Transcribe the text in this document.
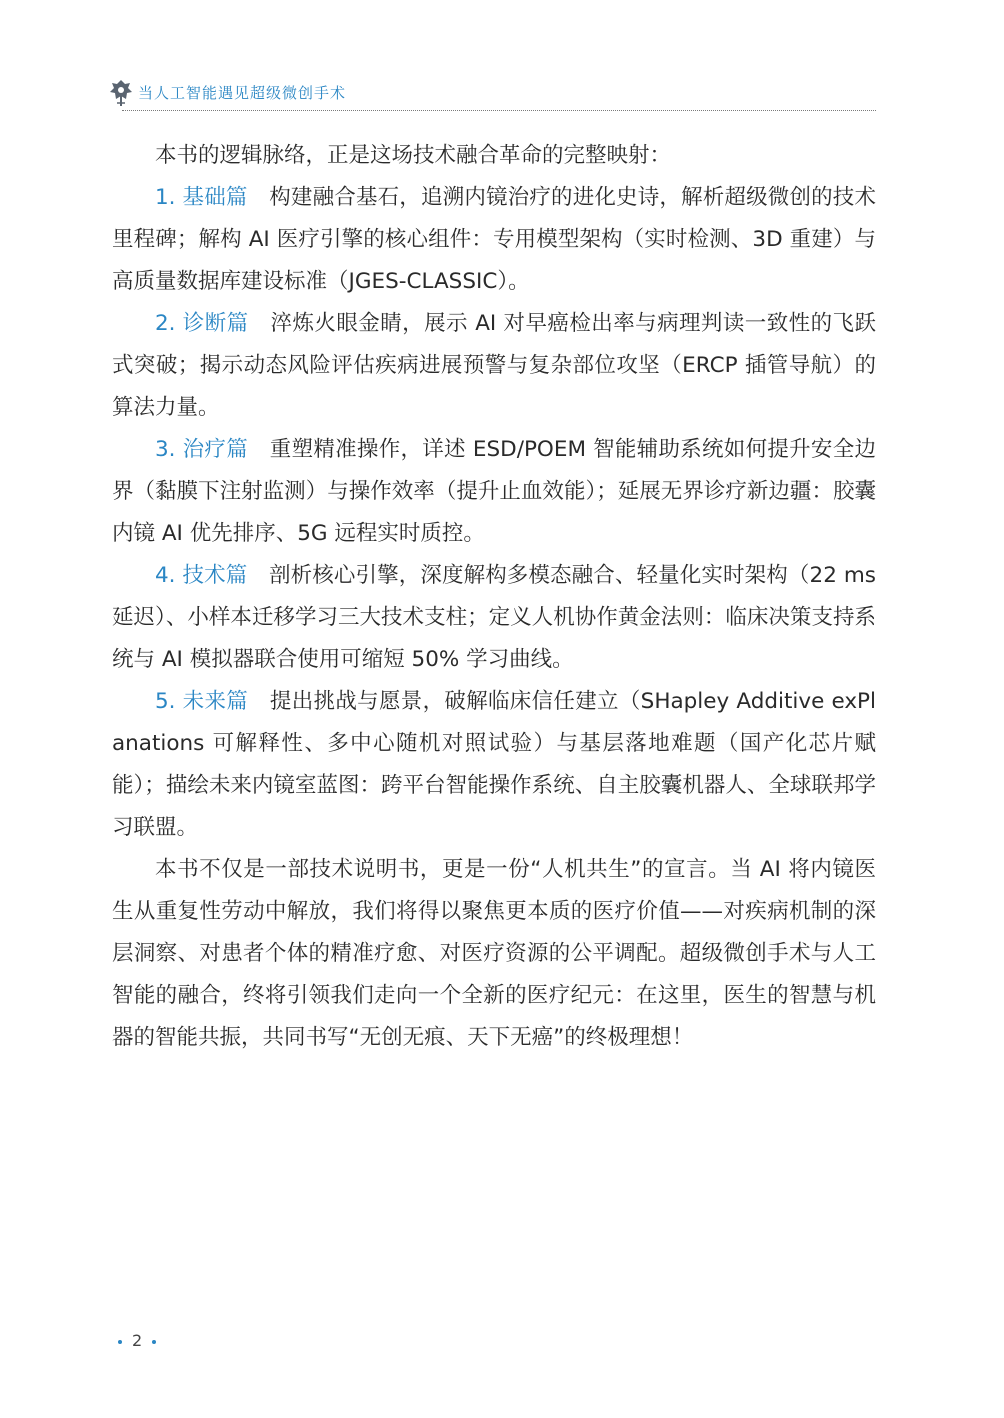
当人工智能遇见超级微创手术

本书的逻辑脉络，正是这场技术融合革命的完整映射：

1. 基础篇　 构建融合基石，追溯内镜治疗的进化史诗，解析超级微创的技术里程碑；解构 AI 医疗引擎的核心组件：专用模型架构（实时检测、3D 重建）与高质量数据库建设标准（JGES-CLASSIC）。

2. 诊断篇　 淬炼火眼金睛，展示 AI 对早癌检出率与病理判读一致性的飞跃式突破；揭示动态风险评估疾病进展预警与复杂部位攻坚（ERCP 插管导航）的算法力量。

3. 治疗篇　 重塑精准操作，详述 ESD/POEM 智能辅助系统如何提升安全边界（黏膜下注射监测）与操作效率（提升止血效能）；延展无界诊疗新边疆：胶囊内镜 AI 优先排序、5G 远程实时质控。

4. 技术篇　 剖析核心引擎，深度解构多模态融合、轻量化实时架构（22 ms 延迟）、小样本迁移学习三大技术支柱；定义人机协作黄金法则：临床决策支持系统与 AI 模拟器联合使用可缩短 50% 学习曲线。

5. 未来篇　 提出挑战与愿景，破解临床信任建立（SHapley Additive exPlanations 可解释性、多中心随机对照试验）与基层落地难题（国产化芯片赋能）；描绘未来内镜室蓝图：跨平台智能操作系统、自主胶囊机器人、全球联邦学习联盟。

本书不仅是一部技术说明书，更是一份“人机共生”的宣言。当 AI 将内镜医生从重复性劳动中解放，我们将得以聚焦更本质的医疗价值——对疾病机制的深层洞察、对患者个体的精准疗愈、对医疗资源的公平调配。超级微创手术与人工智能的融合，终将引领我们走向一个全新的医疗纪元：在这里，医生的智慧与机器的智能共振，共同书写“无创无痕、天下无癌”的终极理想！

2
